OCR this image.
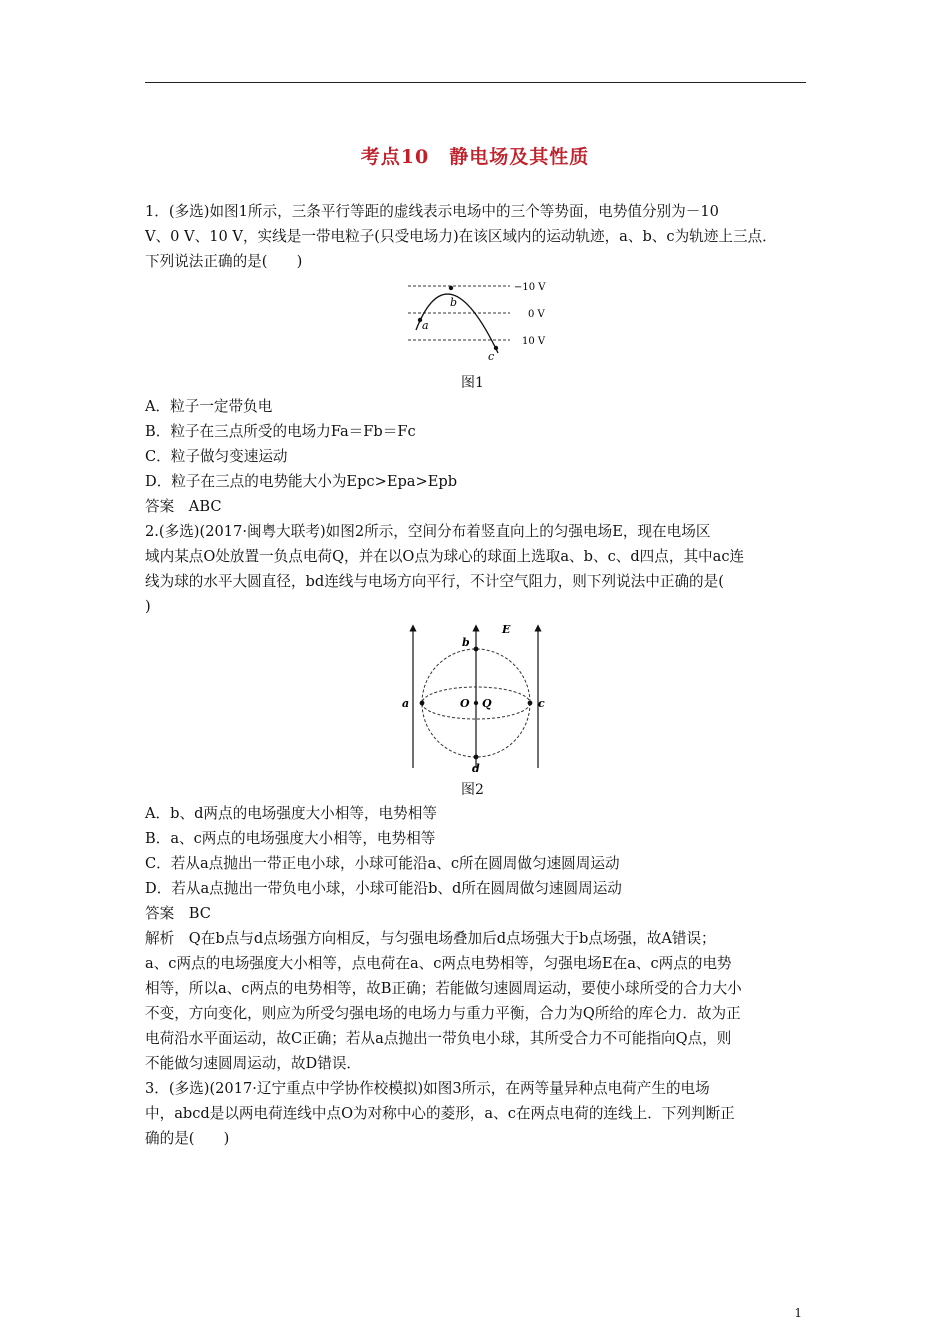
考点10　静电场及其性质
1．(多选)如图1所示，三条平行等距的虚线表示电场中的三个等势面，电势值分别为－10
V、0 V、10 V，实线是一带电粒子(只受电场力)在该区域内的运动轨迹，a、b、c为轨迹上三点．
下列说法正确的是(　　)
a
b
c
−10 V
0 V
10 V
图1
A．粒子一定带负电
B．粒子在三点所受的电场力Fa＝Fb＝Fc
C．粒子做匀变速运动
D．粒子在三点的电势能大小为Epc>Epa>Epb
答案　ABC
2.(多选)(2017·闽粤大联考)如图2所示，空间分布着竖直向上的匀强电场E，现在电场区
域内某点O处放置一负点电荷Q，并在以O点为球心的球面上选取a、b、c、d四点，其中ac连
线为球的水平大圆直径，bd连线与电场方向平行，不计空气阻力，则下列说法中正确的是(
)
b
E
a	O Q	c
d
图2
A．b、d两点的电场强度大小相等，电势相等
B．a、c两点的电场强度大小相等，电势相等
C．若从a点抛出一带正电小球，小球可能沿a、c所在圆周做匀速圆周运动
D．若从a点抛出一带负电小球，小球可能沿b、d所在圆周做匀速圆周运动
答案　BC
解析　Q在b点与d点场强方向相反，与匀强电场叠加后d点场强大于b点场强，故A错误；
a、c两点的电场强度大小相等，点电荷在a、c两点电势相等，匀强电场E在a、c两点的电势
相等，所以a、c两点的电势相等，故B正确；若能做匀速圆周运动，要使小球所受的合力大小
不变，方向变化，则应为所受匀强电场的电场力与重力平衡，合力为Q所给的库仑力．故为正
电荷沿水平面运动，故C正确；若从a点抛出一带负电小球，其所受合力不可能指向Q点，则
不能做匀速圆周运动，故D错误．
3．(多选)(2017·辽宁重点中学协作校模拟)如图3所示，在两等量异种点电荷产生的电场
中，abcd是以两电荷连线中点O为对称中心的菱形，a、c在两点电荷的连线上．下列判断正
确的是(　　)
1
